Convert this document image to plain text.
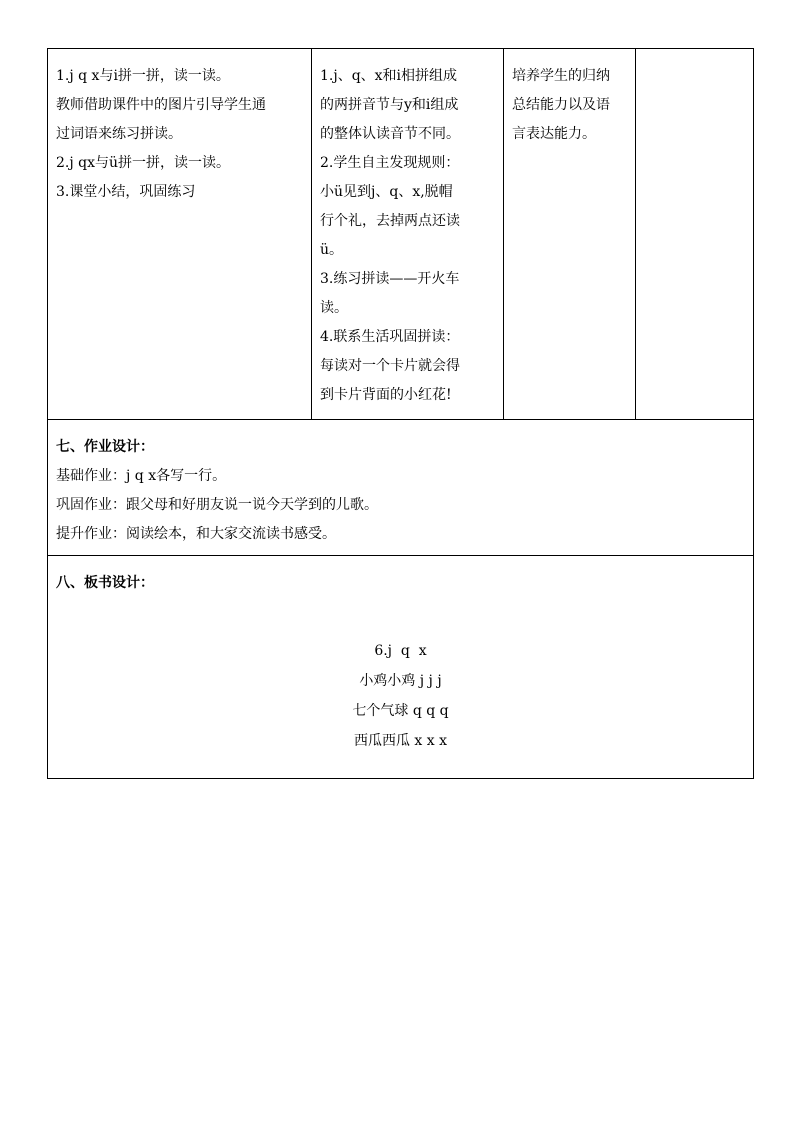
1.j q x与i拼一拼，读一读。
教师借助课件中的图片引导学生通
过词语来练习拼读。
2.j qx与ü拼一拼，读一读。
3.课堂小结，巩固练习

1.j、q、x和i相拼组成
的两拼音节与y和i组成
的整体认读音节不同。
2.学生自主发现规则：
小ü见到j、q、x,脱帽
行个礼，去掉两点还读
ü。
3.练习拼读——开火车
读。
4.联系生活巩固拼读：
每读对一个卡片就会得
到卡片背面的小红花!

培养学生的归纳
总结能力以及语
言表达能力。

七、作业设计：
基础作业：j q x各写一行。
巩固作业：跟父母和好朋友说一说今天学到的儿歌。
提升作业：阅读绘本，和大家交流读书感受。

八、板书设计：
6.j  q  x
小鸡小鸡 j j j
七个气球 q q q
西瓜西瓜 x x x
